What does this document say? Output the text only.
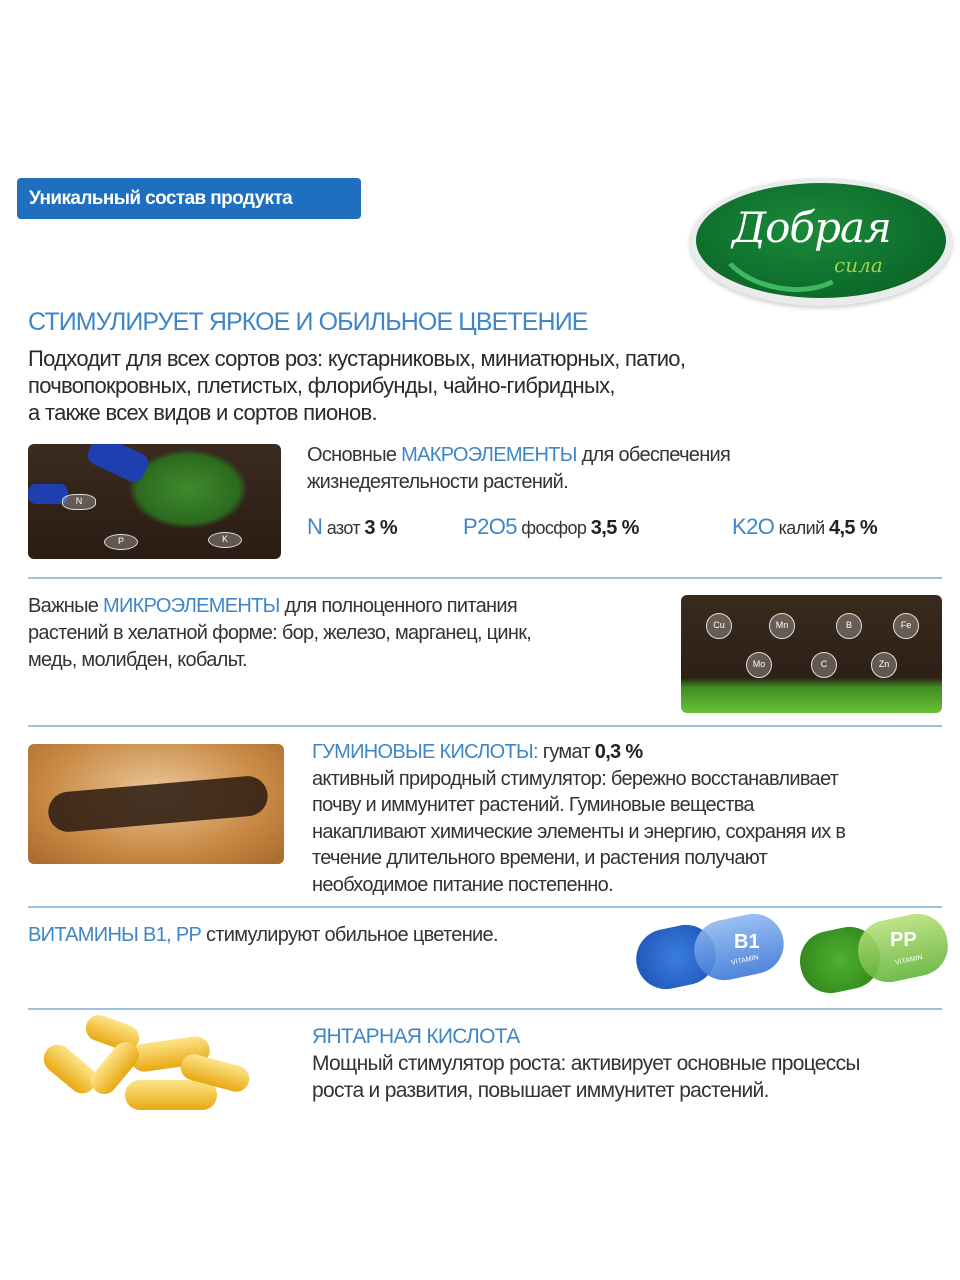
Уникальный состав продукта
Добрая
сила
СТИМУЛИРУЕТ ЯРКОЕ И ОБИЛЬНОЕ ЦВЕТЕНИЕ
Подходит для всех сортов роз: кустарниковых, миниатюрных, патио,
почвопокровных, плетистых, флорибунды, чайно-гибридных,
а также всех видов и сортов пионов.
N
P	K
Основные МАКРОЭЛЕМЕНТЫ для обеспечения
жизнедеятельности растений.
N азот 3 %	P2O5 фосфор 3,5 %	K2O калий 4,5 %
Важные МИКРОЭЛЕМЕНТЫ для полноценного питания
растений в хелатной форме: бор, железо, марганец, цинк,
медь, молибден, кобальт.
Cu	Mn	B	Fe
Mo	C	Zn
ГУМИНОВЫЕ КИСЛОТЫ: гумат 0,3 %
активный природный стимулятор: бережно восстанавливает
почву и иммунитет растений. Гуминовые вещества
накапливают химические элементы и энергию, сохраняя их в
течение длительного времени, и растения получают
необходимое питание постепенно.
ВИТАМИНЫ В1, РР стимулируют обильное цветение.	B1
VITAMIN
PP
VITAMIN
ЯНТАРНАЯ КИСЛОТА
Мощный стимулятор роста: активирует основные процессы
роста и развития, повышает иммунитет растений.
